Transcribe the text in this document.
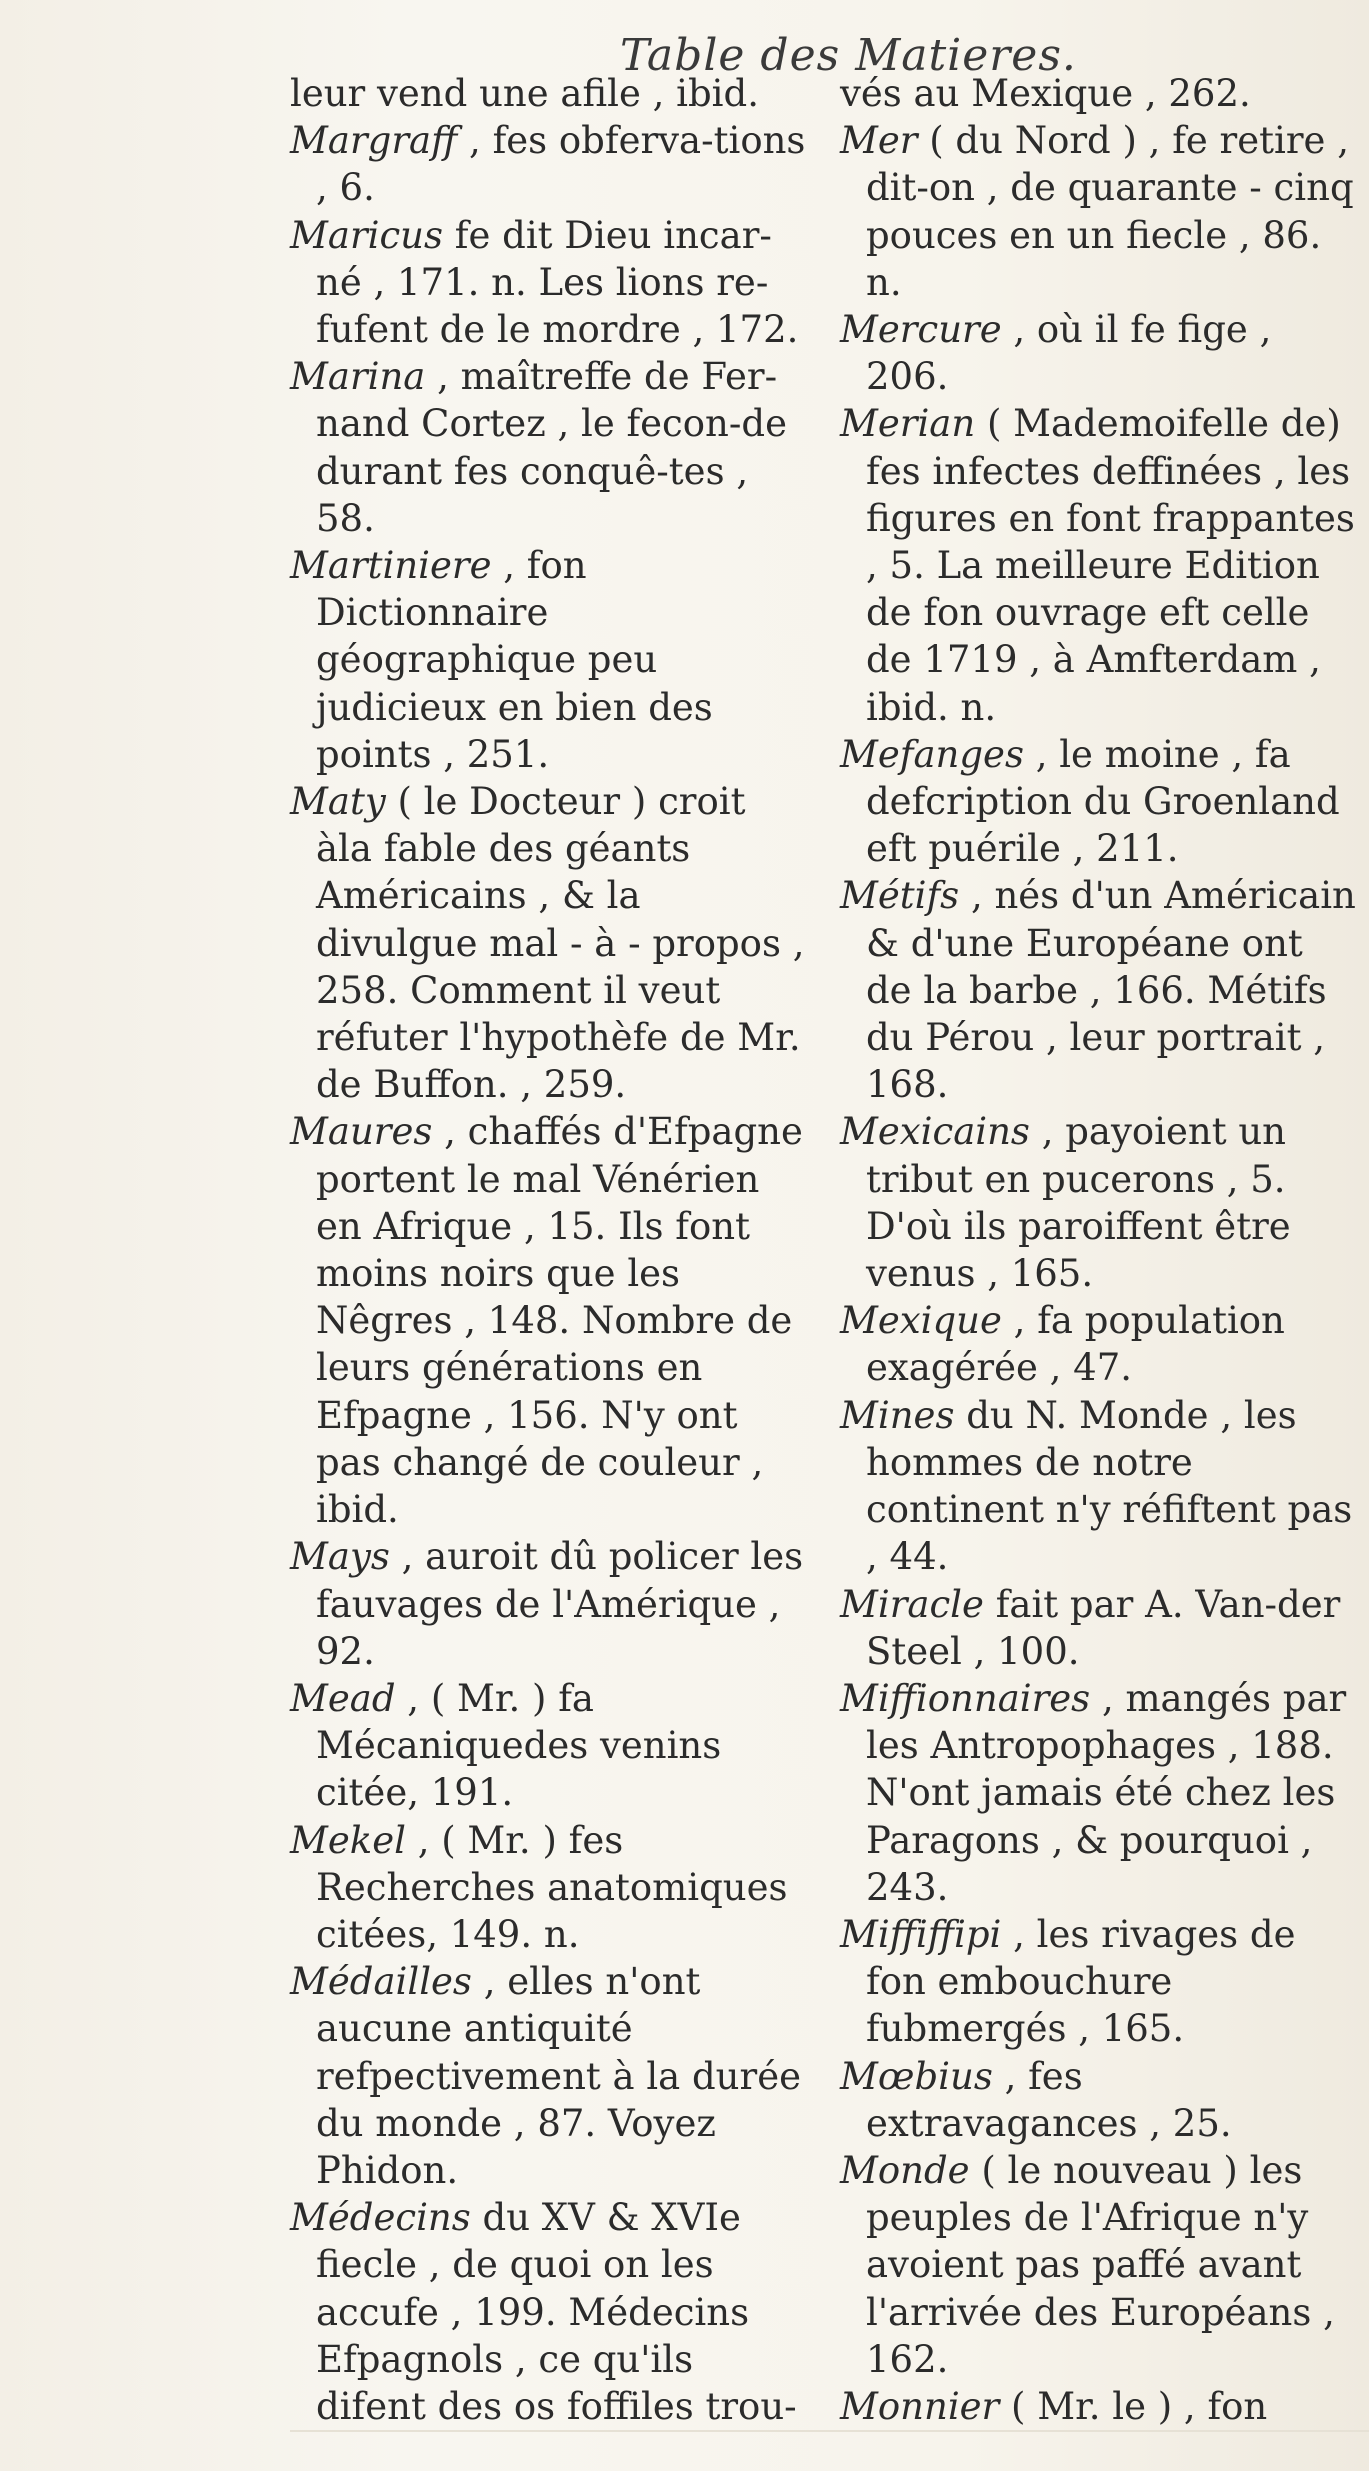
Table des Matieres.

leur vend une afile , ibid.

Margraff , fes obferva-tions , 6.

Maricus fe dit Dieu incar-né , 171. n. Les lions re-fufent de le mordre , 172.

Marina , maîtreffe de Fer-nand Cortez , le fecon-de durant fes conquê-tes , 58.

Martiniere , fon Dictionnaire géographique peu judicieux en bien des points , 251.

Maty ( le Docteur ) croit àla fable des géants Américains , & la divulgue mal - à - propos , 258. Comment il veut réfuter l'hypothèfe de Mr. de Buffon. , 259.

Maures , chaffés d'Efpagne portent le mal Vénérien en Afrique , 15. Ils font moins noirs que les Nêgres , 148. Nombre de leurs générations en Efpagne , 156. N'y ont pas changé de couleur , ibid.

Mays , auroit dû policer les fauvages de l'Amérique , 92.

Mead , ( Mr. ) fa Mécaniquedes venins citée, 191.

Mekel , ( Mr. ) fes Recherches anatomiques citées, 149. n.

Médailles , elles n'ont aucune antiquité refpectivement à la durée du monde , 87. Voyez Phidon.

Médecins du XV & XVIe fiecle , de quoi on les accufe , 199. Médecins Efpagnols , ce qu'ils difent des os foffiles trou-

vés au Mexique , 262.

Mer ( du Nord ) , fe retire , dit-on , de quarante - cinq pouces en un fiecle , 86. n.

Mercure , où il fe fige , 206.

Merian ( Mademoifelle de) fes infectes deffinées , les figures en font frappantes , 5. La meilleure Edition de fon ouvrage eft celle de 1719 , à Amfterdam , ibid. n.

Mefanges , le moine , fa defcription du Groenland eft puérile , 211.

Métifs , nés d'un Américain & d'une Européane ont de la barbe , 166. Métifs du Pérou , leur portrait , 168.

Mexicains , payoient un tribut en pucerons , 5. D'où ils paroiffent être venus , 165.

Mexique , fa population exagérée , 47.

Mines du N. Monde , les hommes de notre continent n'y réfiftent pas , 44.

Miracle fait par A. Van-der Steel , 100.

Miffionnaires , mangés par les Antropophages , 188. N'ont jamais été chez les Paragons , & pourquoi , 243.

Miffiffipi , les rivages de fon embouchure fubmergés , 165.

Mœbius , fes extravagances , 25.

Monde ( le nouveau ) les peuples de l'Afrique n'y avoient pas paffé avant l'arrivée des Européans , 162.

Monnier ( Mr. le ) , fon
